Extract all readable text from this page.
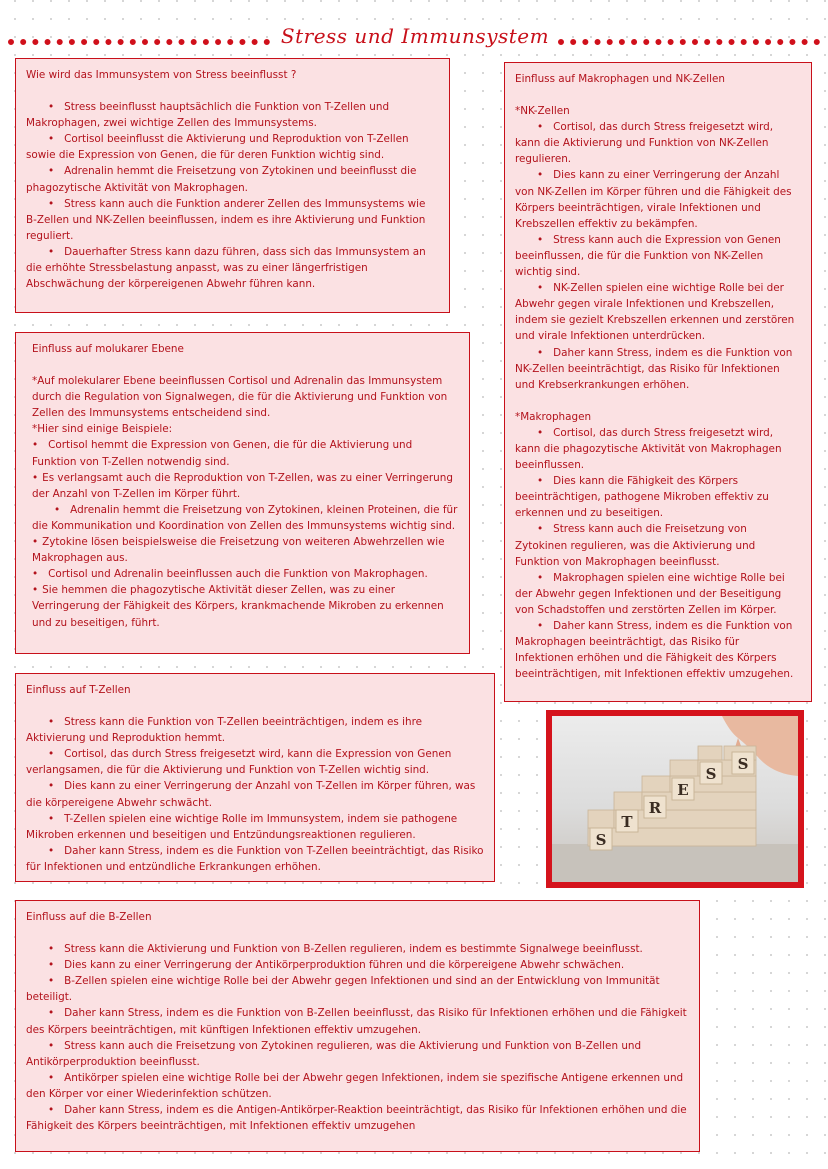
Stress und Immunsystem

Wie wird das Immunsystem von Stress beeinflusst ?

• Stress beeinflusst hauptsächlich die Funktion von T-Zellen und Makrophagen, zwei wichtige Zellen des Immunsystems.

• Cortisol beeinflusst die Aktivierung und Reproduktion von T-Zellen sowie die Expression von Genen, die für deren Funktion wichtig sind.

• Adrenalin hemmt die Freisetzung von Zytokinen und beeinflusst die phagozytische Aktivität von Makrophagen.

• Stress kann auch die Funktion anderer Zellen des Immunsystems wie B-Zellen und NK-Zellen beeinflussen, indem es ihre Aktivierung und Funktion reguliert.

• Dauerhafter Stress kann dazu führen, dass sich das Immunsystem an die erhöhte Stressbelastung anpasst, was zu einer längerfristigen Abschwächung der körpereigenen Abwehr führen kann.

Einfluss auf molukarer Ebene

*Auf molekularer Ebene beeinflussen Cortisol und Adrenalin das Immunsystem durch die Regulation von Signalwegen, die für die Aktivierung und Funktion von Zellen des Immunsystems entscheidend sind.

*Hier sind einige Beispiele:

• Cortisol hemmt die Expression von Genen, die für die Aktivierung und Funktion von T-Zellen notwendig sind.

• Es verlangsamt auch die Reproduktion von T-Zellen, was zu einer Verringerung der Anzahl von T-Zellen im Körper führt.

• Adrenalin hemmt die Freisetzung von Zytokinen, kleinen Proteinen, die für die Kommunikation und Koordination von Zellen des Immunsystems wichtig sind.

• Zytokine lösen beispielsweise die Freisetzung von weiteren Abwehrzellen wie Makrophagen aus.

• Cortisol und Adrenalin beeinflussen auch die Funktion von Makrophagen.

• Sie hemmen die phagozytische Aktivität dieser Zellen, was zu einer Verringerung der Fähigkeit des Körpers, krankmachende Mikroben zu erkennen und zu beseitigen, führt.

Einfluss auf T-Zellen

• Stress kann die Funktion von T-Zellen beeinträchtigen, indem es ihre Aktivierung und Reproduktion hemmt.

• Cortisol, das durch Stress freigesetzt wird, kann die Expression von Genen verlangsamen, die für die Aktivierung und Funktion von T-Zellen wichtig sind.

• Dies kann zu einer Verringerung der Anzahl von T-Zellen im Körper führen, was die körpereigene Abwehr schwächt.

• T-Zellen spielen eine wichtige Rolle im Immunsystem, indem sie pathogene Mikroben erkennen und beseitigen und Entzündungsreaktionen regulieren.

• Daher kann Stress, indem es die Funktion von T-Zellen beeinträchtigt, das Risiko für Infektionen und entzündliche Erkrankungen erhöhen.

Einfluss auf die B-Zellen

• Stress kann die Aktivierung und Funktion von B-Zellen regulieren, indem es bestimmte Signalwege beeinflusst.

• Dies kann zu einer Verringerung der Antikörperproduktion führen und die körpereigene Abwehr schwächen.

• B-Zellen spielen eine wichtige Rolle bei der Abwehr gegen Infektionen und sind an der Entwicklung von Immunität beteiligt.

• Daher kann Stress, indem es die Funktion von B-Zellen beeinflusst, das Risiko für Infektionen erhöhen und die Fähigkeit des Körpers beeinträchtigen, mit künftigen Infektionen effektiv umzugehen.

• Stress kann auch die Freisetzung von Zytokinen regulieren, was die Aktivierung und Funktion von B-Zellen und Antikörperproduktion beeinflusst.

• Antikörper spielen eine wichtige Rolle bei der Abwehr gegen Infektionen, indem sie spezifische Antigene erkennen und den Körper vor einer Wiederinfektion schützen.

• Daher kann Stress, indem es die Antigen-Antikörper-Reaktion beeinträchtigt, das Risiko für Infektionen erhöhen und die Fähigkeit des Körpers beeinträchtigen, mit Infektionen effektiv umzugehen

Einfluss auf Makrophagen und NK-Zellen

*NK-Zellen

• Cortisol, das durch Stress freigesetzt wird, kann die Aktivierung und Funktion von NK-Zellen regulieren.

• Dies kann zu einer Verringerung der Anzahl von NK-Zellen im Körper führen und die Fähigkeit des Körpers beeinträchtigen, virale Infektionen und Krebszellen effektiv zu bekämpfen.

• Stress kann auch die Expression von Genen beeinflussen, die für die Funktion von NK-Zellen wichtig sind.

• NK-Zellen spielen eine wichtige Rolle bei der Abwehr gegen virale Infektionen und Krebszellen, indem sie gezielt Krebszellen erkennen und zerstören und virale Infektionen unterdrücken.

• Daher kann Stress, indem es die Funktion von NK-Zellen beeinträchtigt, das Risiko für Infektionen und Krebserkrankungen erhöhen.

*Makrophagen

• Cortisol, das durch Stress freigesetzt wird, kann die phagozytische Aktivität von Makrophagen beeinflussen.

• Dies kann die Fähigkeit des Körpers beeinträchtigen, pathogene Mikroben effektiv zu erkennen und zu beseitigen.

• Stress kann auch die Freisetzung von Zytokinen regulieren, was die Aktivierung und Funktion von Makrophagen beeinflusst.

• Makrophagen spielen eine wichtige Rolle bei der Abwehr gegen Infektionen und der Beseitigung von Schadstoffen und zerstörten Zellen im Körper.

• Daher kann Stress, indem es die Funktion von Makrophagen beeinträchtigt, das Risiko für Infektionen erhöhen und die Fähigkeit des Körpers beeinträchtigen, mit Infektionen effektiv umzugehen.

S
T
R
E
S
S
